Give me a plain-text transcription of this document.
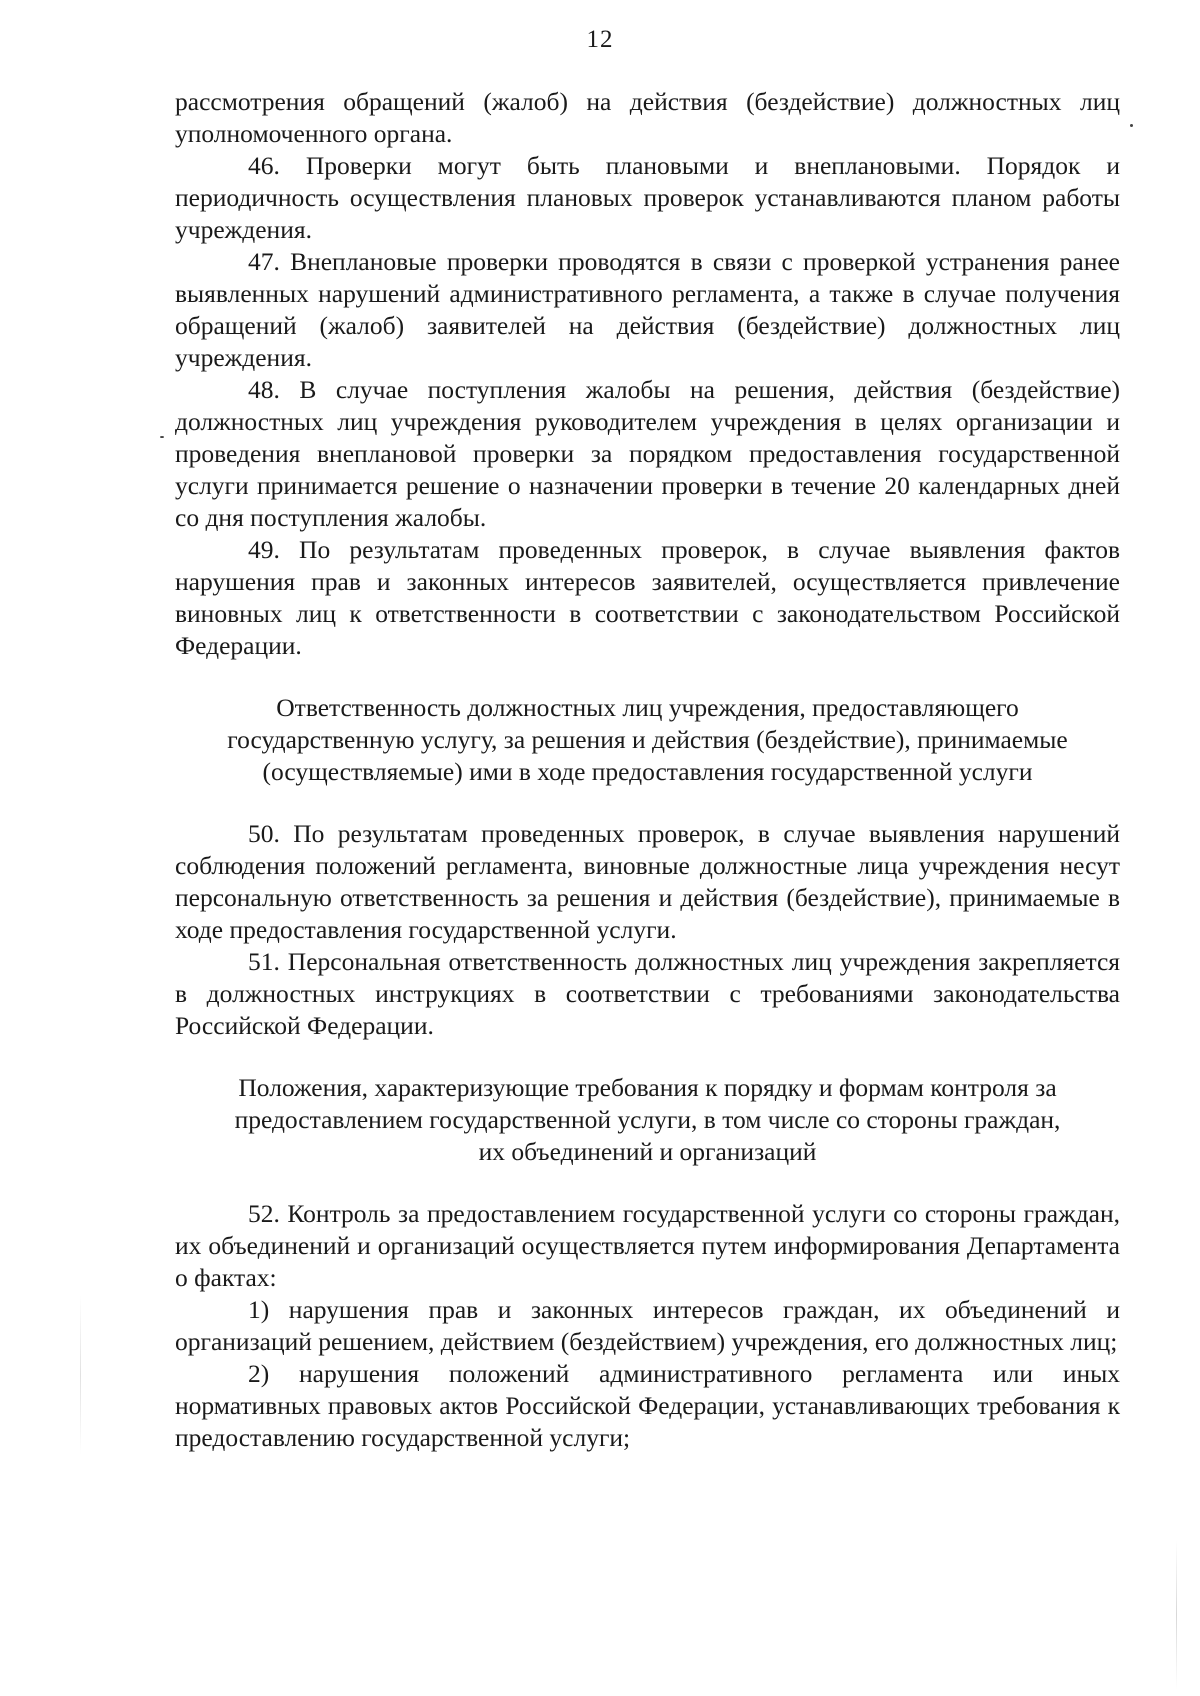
12

рассмотрения обращений (жалоб) на действия (бездействие) должностных лиц уполномоченного органа.

46. Проверки могут быть плановыми и внеплановыми. Порядок и периодичность осуществления плановых проверок устанавливаются планом работы учреждения.

47. Внеплановые проверки проводятся в связи с проверкой устранения ранее выявленных нарушений административного регламента, а также в случае получения обращений (жалоб) заявителей на действия (бездействие) должностных лиц учреждения.

48. В случае поступления жалобы на решения, действия (бездействие) должностных лиц учреждения руководителем учреждения в целях организации и проведения внеплановой проверки за порядком предоставления государственной услуги принимается решение о назначении проверки в течение 20 календарных дней со дня поступления жалобы.

49. По результатам проведенных проверок, в случае выявления фактов нарушения прав и законных интересов заявителей, осуществляется привлечение виновных лиц к ответственности в соответствии с законодательством Российской Федерации.

Ответственность должностных лиц учреждения, предоставляющего
государственную услугу, за решения и действия (бездействие), принимаемые
(осуществляемые) ими в ходе предоставления государственной услуги

50. По результатам проведенных проверок, в случае выявления нарушений соблюдения положений регламента, виновные должностные лица учреждения несут персональную ответственность за решения и действия (бездействие), принимаемые в ходе предоставления государственной услуги.

51. Персональная ответственность должностных лиц учреждения закрепляется в должностных инструкциях в соответствии с требованиями законодательства Российской Федерации.

Положения, характеризующие требования к порядку и формам контроля за
предоставлением государственной услуги, в том числе со стороны граждан,
их объединений и организаций

52. Контроль за предоставлением государственной услуги со стороны граждан, их объединений и организаций осуществляется путем информирования Департамента о фактах:

1) нарушения прав и законных интересов граждан, их объединений и организаций решением, действием (бездействием) учреждения, его должностных лиц;

2) нарушения положений административного регламента или иных нормативных правовых актов Российской Федерации, устанавливающих требования к предоставлению государственной услуги;
